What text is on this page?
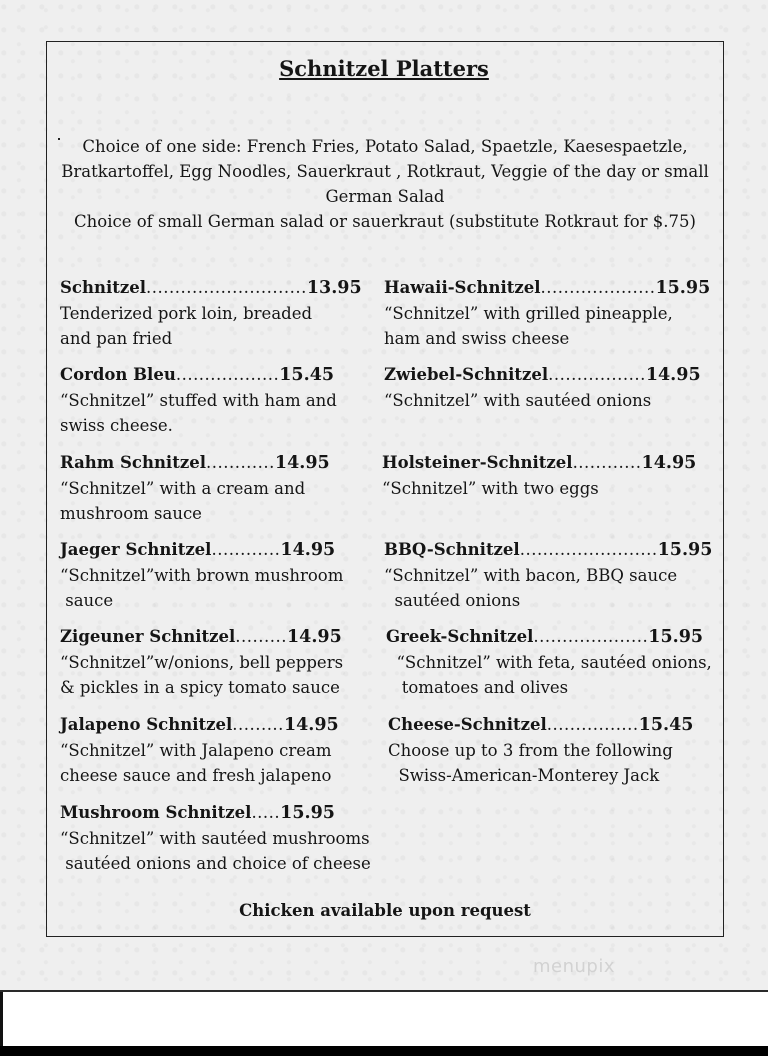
Schnitzel Platters
Choice of one side: French Fries, Potato Salad, Spaetzle, Kaesespaetzle,
Bratkartoffel, Egg Noodles, Sauerkraut , Rotkraut, Veggie of the day or small
German Salad
Choice of small German salad or sauerkraut (substitute Rotkraut for $.75)
Schnitzel ............................ 13.95
Tenderized pork loin, breaded
and pan fried
Cordon Bleu .................. 15.45
“Schnitzel” stuffed with ham and
swiss cheese.
Rahm Schnitzel ............ 14.95
“Schnitzel” with a cream and
mushroom sauce
Jaeger Schnitzel ............ 14.95
“Schnitzel”with brown mushroom
sauce
Zigeuner Schnitzel ......... 14.95
“Schnitzel”w/onions, bell peppers
& pickles in a spicy tomato sauce
Jalapeno Schnitzel ......... 14.95
“Schnitzel” with Jalapeno cream
cheese sauce and fresh jalapeno
Mushroom Schnitzel ..... 15.95
“Schnitzel” with sautéed mushrooms
sautéed onions and choice of cheese
Hawaii-Schnitzel .................... 15.95
“Schnitzel” with grilled pineapple,
ham and swiss cheese
Zwiebel-Schnitzel ................. 14.95
“Schnitzel” with sautéed onions
Holsteiner-Schnitzel ............ 14.95
“Schnitzel” with two eggs
BBQ-Schnitzel ........................ 15.95
“Schnitzel” with bacon, BBQ sauce
sautéed onions
Greek-Schnitzel .................... 15.95
“Schnitzel” with feta, sautéed onions,
tomatoes and olives
Cheese-Schnitzel ................ 15.45
Choose up to 3 from the following
Swiss-American-Monterey Jack
Chicken available upon request
menupix
